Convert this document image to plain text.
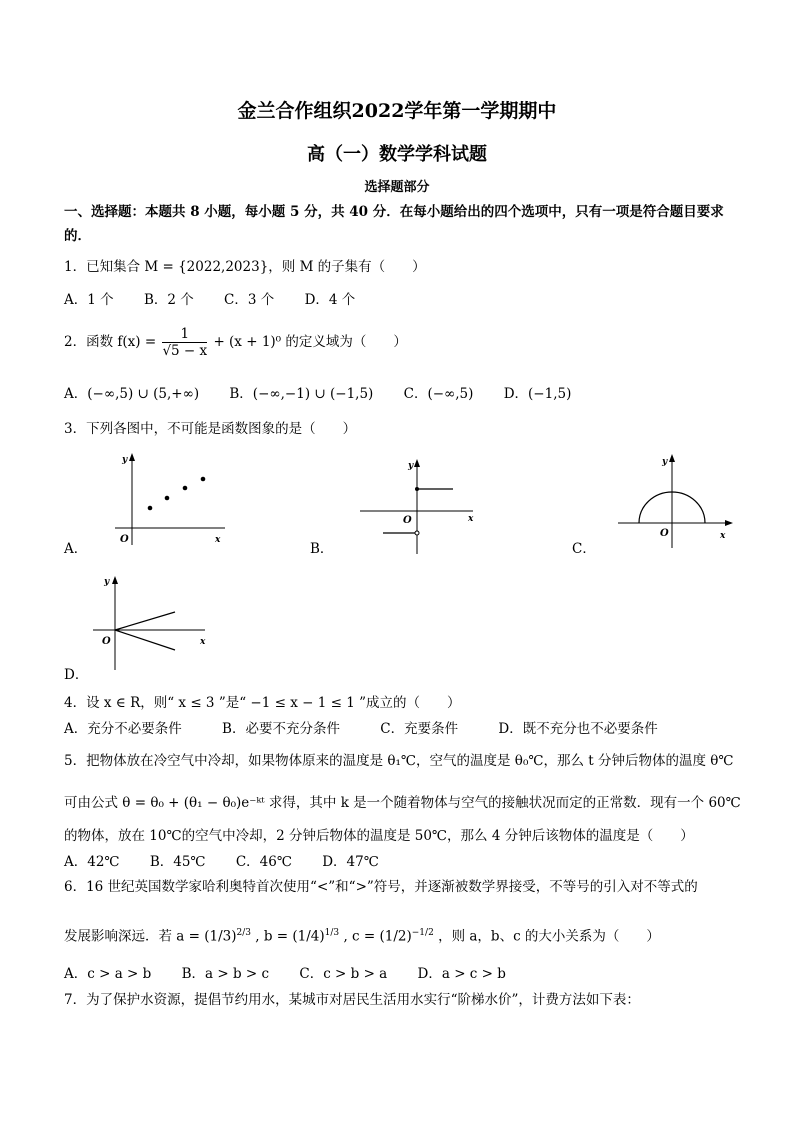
金兰合作组织2022学年第一学期期中
高（一）数学学科试题
选择题部分
一、选择题：本题共 8 小题，每小题 5 分，共 40 分．在每小题给出的四个选项中，只有一项是符合题目要求
的．
1．已知集合 M = {2022,2023}，则 M 的子集有（　　）
A．1 个 B．2 个 C．3 个 D．4 个
2．函数 $f(x) = \frac{1}{√5 - x} + (x + 1)^0$ 的定义域为（　　）
A．(−∞,5) ∪ (5,+∞) B．(−∞,−1) ∪ (−1,5) C．(−∞,5) D．(−1,5)
3．下列各图中，不可能是函数图象的是（　　）
A．	B．	C．
D．
y
x
O
y
x
O
y
x
O
y
x
O
4．设 x ∈ R，则“ x ≤ 3 ”是“ −1 ≤ x − 1 ≤ 1 ”成立的（　　）
A．充分不必要条件	B．必要不充分条件	C．充要条件	D．既不充分也不必要条件
5．把物体放在冷空气中冷却，如果物体原来的温度是 θ₁℃，空气的温度是 θ₀℃，那么 t 分钟后物体的温度 θ℃
可由公式 θ = θ₀ + (θ₁ − θ₀)e⁻ᵏᵗ 求得，其中 k 是一个随着物体与空气的接触状况而定的正常数．现有一个 60℃
的物体，放在 10℃的空气中冷却，2 分钟后物体的温度是 50℃，那么 4 分钟后该物体的温度是（　　）
A．42℃ B．45℃ C．46℃ D．47℃
6．16 世纪英国数学家哈利奥特首次使用“<”和“>”符号，并逐渐被数学界接受，不等号的引入对不等式的
发展影响深远．若 $a = (1/3)^{2/3}$ , $b = (1/4)^{1/3}$ , $c = (1/2)^{-1/2}$ ，则 a，b、c 的大小关系为（　　）
A．c > a > b B．a > b > c C．c > b > a D．a > c > b
7．为了保护水资源，提倡节约用水，某城市对居民生活用水实行“阶梯水价”，计费方法如下表：
